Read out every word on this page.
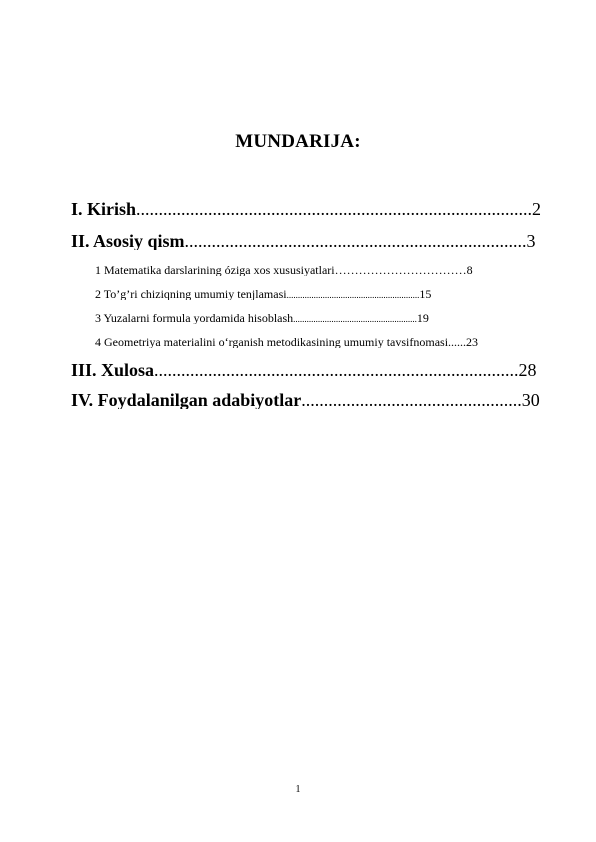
MUNDARIJA:
I. Kirish........................................................................................2
II. Asosiy qism............................................................................3
1 Matematika darslarining óziga xos xususiyatlari……………………………8
2 To’g’ri chiziqning umumiy tenjlamasi...........................................................15
3 Yuzalarni formula yordamida hisoblash.......................................................19
4 Geometriya materialini o‘rganish metodikasining umumiy tavsifnomasi......23
III. Xulosa.................................................................................28
IV. Foydalanilgan adabiyotlar.................................................30
1
